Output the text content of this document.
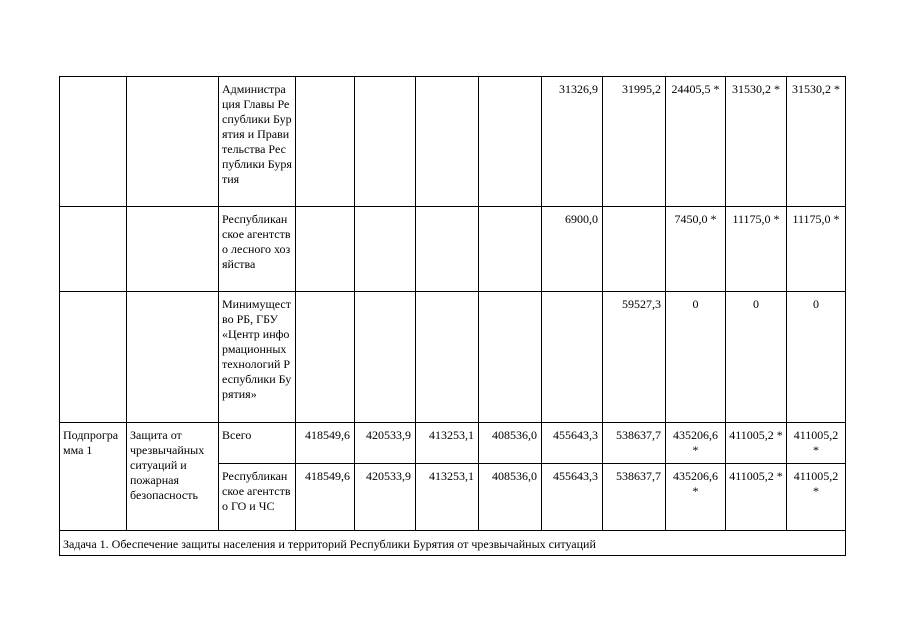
		Администрация Главы Республики Бурятия и Правительства Республики Бурятия					31326,9	31995,2	24405,5 *	31530,2 *	31530,2 *
		Республиканское агентство лесного хозяйства					6900,0		7450,0 *	11175,0 *	11175,0 *
		Минимущество РБ, ГБУ «Центр информационных технологий Республики Бурятия»						59527,3	0	0	0
Подпрограмма 1	Защита от чрезвычайных ситуаций и пожарная безопасность	Всего	418549,6	420533,9	413253,1	408536,0	455643,3	538637,7	435206,6 *	411005,2 *	411005,2 *
		Республиканское агентство ГО и ЧС	418549,6	420533,9	413253,1	408536,0	455643,3	538637,7	435206,6 *	411005,2 *	411005,2 *
Задача 1. Обеспечение защиты населения и территорий Республики Бурятия от чрезвычайных ситуаций											
